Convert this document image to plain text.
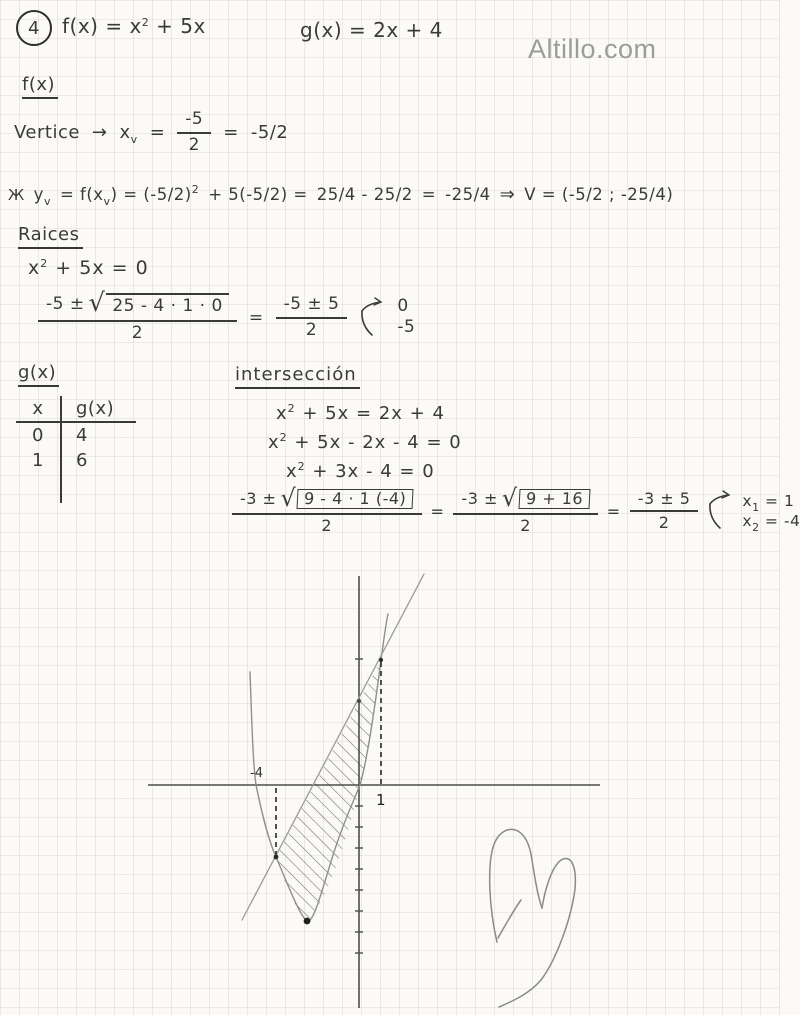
4 f(x) = x2 + 5x	g(x) = 2x + 4
Altillo.com
f(x)
Vertice → xv = $\frac{-5}{2} = -5/2$
Ж yv = f(xv) = (-5/2)2 + 5(-5/2) = 25/4 - 25/2 = -25/4 ⇒ V = (-5/2 ; -25/4)
Raices
x2 + 5x = 0
$\frac{-5 \pm √ 25 - 4 \cdot 1 \cdot 0}{2} = \frac{-5 \pm 5}{2}$	0
-5
g(x)
x	g(x)
0	4
1	6
intersección
x2 + 5x = 2x + 4
x2 + 5x - 2x - 4 = 0
x2 + 3x - 4 = 0
$\frac{-3 \pm √ 9 - 4 \cdot 1 (-4)}{2} = \frac{-3 \pm √ 9 + 16}{2} = \frac{-3 \pm 5}{2}$	x1 = 1
x2 = -4
-4
1
